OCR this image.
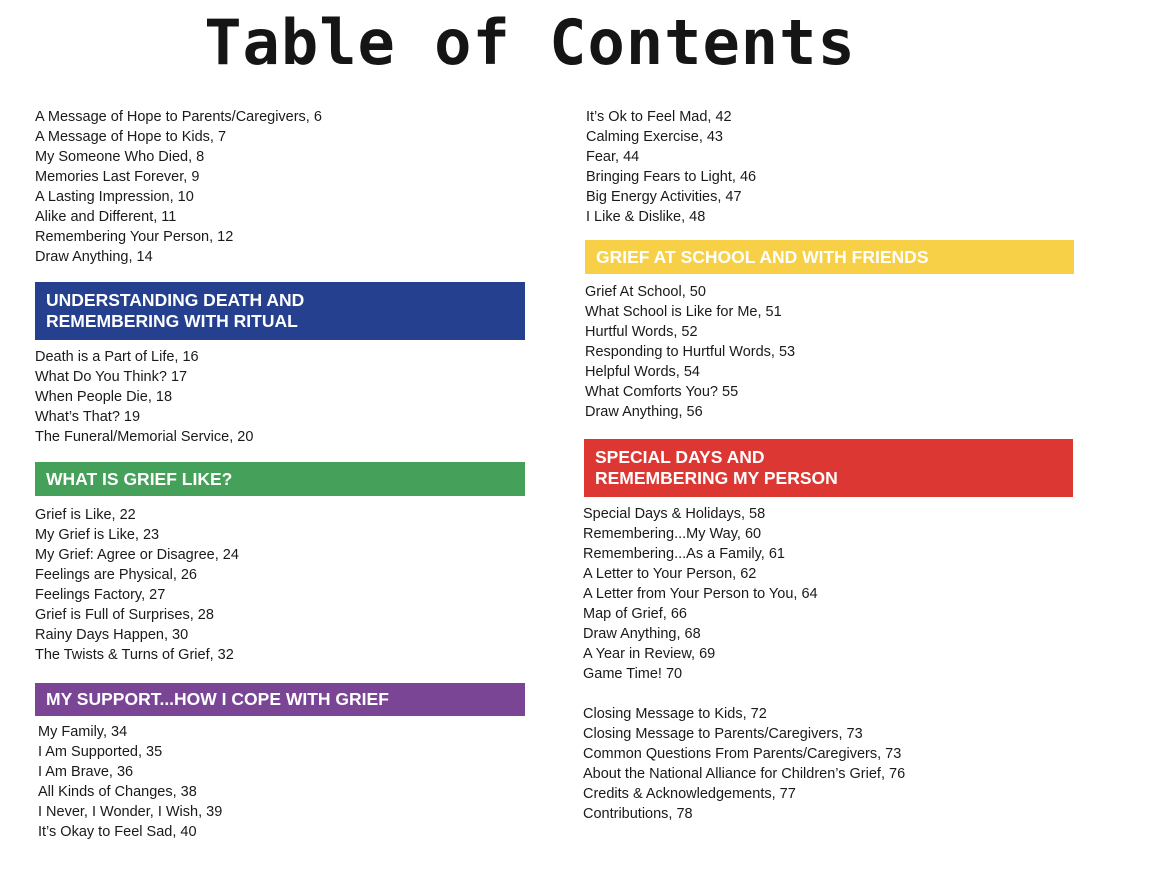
Table of Contents
A Message of Hope to Parents/Caregivers, 6
A Message of Hope to Kids, 7
My Someone Who Died, 8
Memories Last Forever, 9
A Lasting Impression, 10
Alike and Different, 11
Remembering Your Person, 12
Draw Anything, 14
UNDERSTANDING DEATH AND
REMEMBERING WITH RITUAL
Death is a Part of Life, 16
What Do You Think? 17
When People Die, 18
What’s That? 19
The Funeral/Memorial Service, 20
WHAT IS GRIEF LIKE?
Grief is Like, 22
My Grief is Like, 23
My Grief: Agree or Disagree, 24
Feelings are Physical, 26
Feelings Factory, 27
Grief is Full of Surprises, 28
Rainy Days Happen, 30
The Twists & Turns of Grief, 32
MY SUPPORT...HOW I COPE WITH GRIEF
My Family, 34
I Am Supported, 35
I Am Brave, 36
All Kinds of Changes, 38
I Never, I Wonder, I Wish, 39
It’s Okay to Feel Sad, 40
It’s Ok to Feel Mad, 42
Calming Exercise, 43
Fear, 44
Bringing Fears to Light, 46
Big Energy Activities, 47
I Like & Dislike, 48
GRIEF AT SCHOOL AND WITH FRIENDS
Grief At School, 50
What School is Like for Me, 51
Hurtful Words, 52
Responding to Hurtful Words, 53
Helpful Words, 54
What Comforts You? 55
Draw Anything, 56
SPECIAL DAYS AND
REMEMBERING MY PERSON
Special Days & Holidays, 58
Remembering...My Way, 60
Remembering...As a Family, 61
A Letter to Your Person, 62
A Letter from Your Person to You, 64
Map of Grief, 66
Draw Anything, 68
A Year in Review, 69
Game Time! 70
Closing Message to Kids, 72
Closing Message to Parents/Caregivers, 73
Common Questions From Parents/Caregivers, 73
About the National Alliance for Children’s Grief, 76
Credits & Acknowledgements, 77
Contributions, 78
